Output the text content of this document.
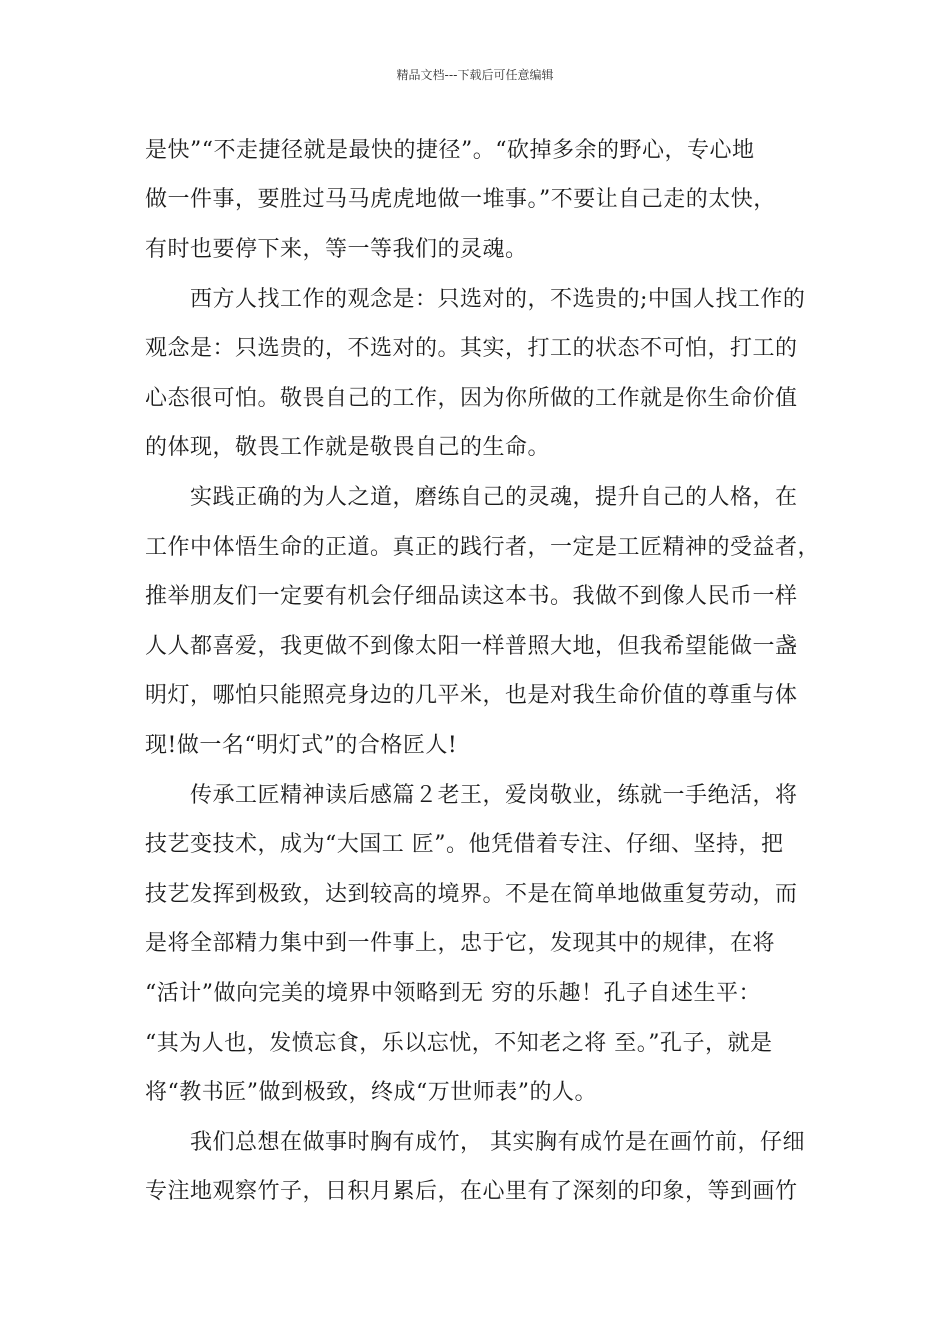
精品文档---下载后可任意编辑
是快”“不走捷径就是最快的捷径”。“砍掉多余的野心，专心地
做一件事，要胜过马马虎虎地做一堆事。”不要让自己走的太快，
有时也要停下来，等一等我们的灵魂。
西方人找工作的观念是：只选对的，不选贵的;中国人找工作的
观念是：只选贵的，不选对的。其实，打工的状态不可怕，打工的
心态很可怕。敬畏自己的工作，因为你所做的工作就是你生命价值
的体现，敬畏工作就是敬畏自己的生命。
实践正确的为人之道，磨练自己的灵魂，提升自己的人格，在
工作中体悟生命的正道。真正的践行者，一定是工匠精神的受益者，
推举朋友们一定要有机会仔细品读这本书。我做不到像人民币一样
人人都喜爱，我更做不到像太阳一样普照大地，但我希望能做一盏
明灯，哪怕只能照亮身边的几平米，也是对我生命价值的尊重与体
现!做一名“明灯式”的合格匠人!
传承工匠精神读后感篇２老王，爱岗敬业，练就一手绝活，将
技艺变技术，成为“大国工 匠”。他凭借着专注、仔细、坚持，把
技艺发挥到极致，达到较高的境界。不是在简单地做重复劳动，而
是将全部精力集中到一件事上，忠于它，发现其中的规律，在将
“活计”做向完美的境界中领略到无 穷的乐趣！孔子自述生平：
“其为人也，发愤忘食，乐以忘忧，不知老之将 至。”孔子，就是
将“教书匠”做到极致，终成“万世师表”的人。
我们总想在做事时胸有成竹， 其实胸有成竹是在画竹前，仔细
专注地观察竹子，日积月累后，在心里有了深刻的印象，等到画竹
